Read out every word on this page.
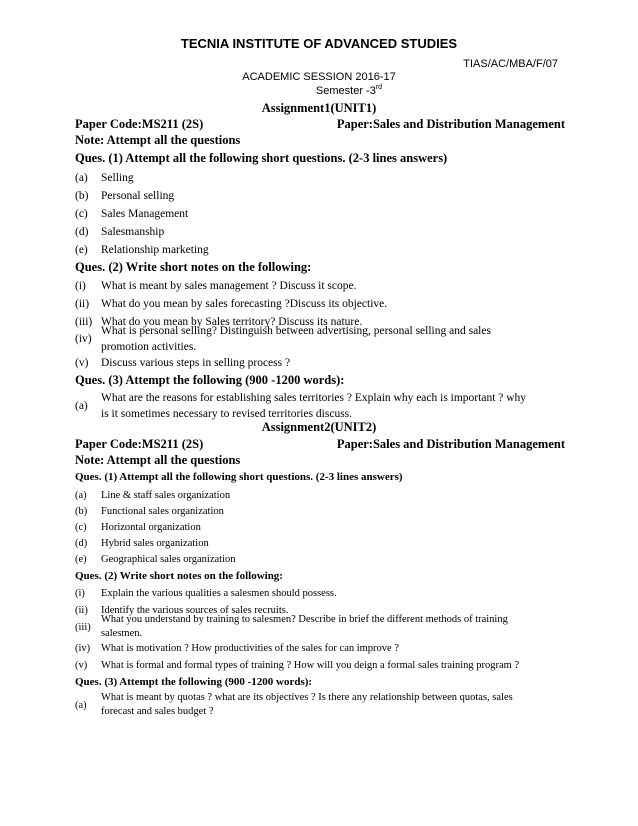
TECNIA INSTITUTE OF ADVANCED STUDIES
TIAS/AC/MBA/F/07
ACADEMIC SESSION 2016-17
Semester -3rd
Assignment1(UNIT1)
Paper Code:MS211 (2S)	Paper:Sales and Distribution Management
Note: Attempt all the questions
Ques. (1) Attempt all the following short questions. (2-3 lines answers)
(a) Selling
(b) Personal selling
(c) Sales Management
(d) Salesmanship
(e) Relationship marketing
Ques. (2) Write short notes on the following:
(i) What is meant by sales management ? Discuss it scope.
(ii) What do you mean by sales forecasting ?Discuss its objective.
(iii) What do you mean by Sales territory? Discuss its nature.
(iv)
What is personal selling? Distinguish between advertising, personal selling and sales
promotion activities.
(v) Discuss various steps in selling process ?
Ques. (3) Attempt the following (900 -1200 words):
(a)
What are the reasons for establishing sales territories ? Explain why each is important ? why
is it sometimes necessary to revised territories discuss.
Assignment2(UNIT2)
Paper Code:MS211 (2S)	Paper:Sales and Distribution Management
Note: Attempt all the questions
Ques. (1) Attempt all the following short questions. (2-3 lines answers)
(a) Line & staff sales organization
(b) Functional sales organization
(c) Horizontal organization
(d) Hybrid sales organization
(e) Geographical sales organization
Ques. (2) Write short notes on the following:
(i) Explain the various qualities a salesmen should possess.
(ii) Identify the various sources of sales recruits.
(iii)
What you understand by training to salesmen? Describe in brief the different methods of training
salesmen.
(iv) What is motivation ? How productivities of the sales for can improve ?
(v) What is formal and formal types of training ? How will you deign a formal sales training program ?
Ques. (3) Attempt the following (900 -1200 words):
(a)
What is meant by quotas ? what are its objectives ? Is there any relationship between quotas, sales
forecast and sales budget ?
